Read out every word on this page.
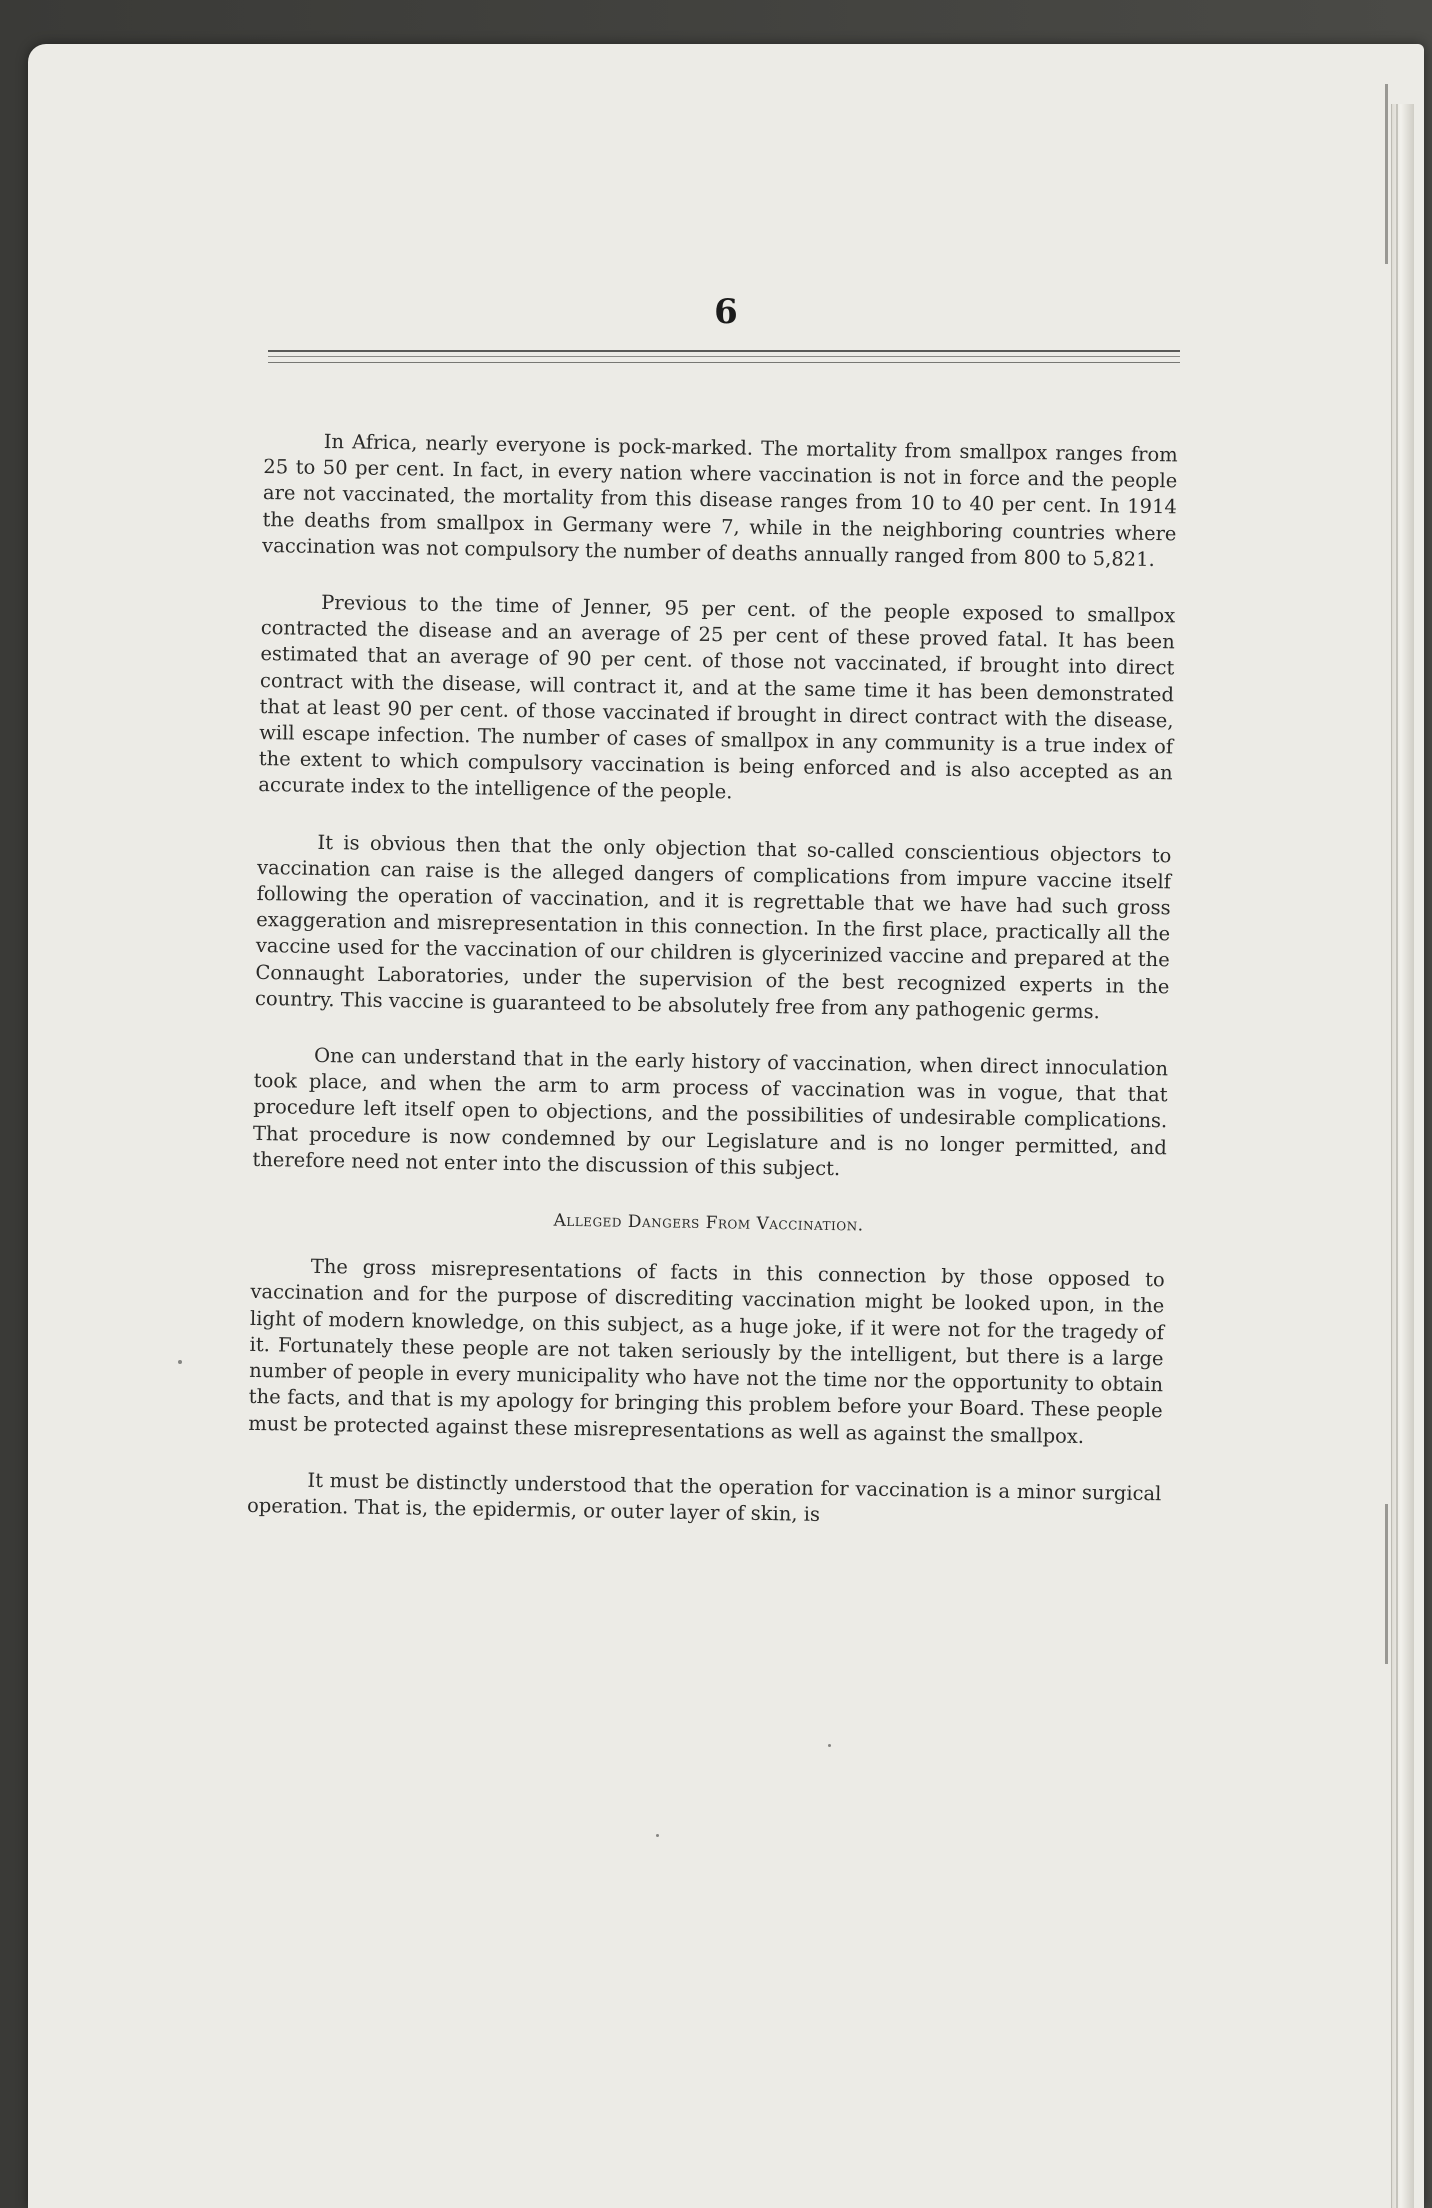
6

In Africa, nearly everyone is pock-marked. The mortality from smallpox ranges from 25 to 50 per cent. In fact, in every nation where vaccination is not in force and the people are not vaccinated, the mortality from this disease ranges from 10 to 40 per cent. In 1914 the deaths from smallpox in Germany were 7, while in the neighboring countries where vaccination was not compulsory the number of deaths annually ranged from 800 to 5,821.

Previous to the time of Jenner, 95 per cent. of the people exposed to smallpox contracted the disease and an average of 25 per cent of these proved fatal. It has been estimated that an average of 90 per cent. of those not vaccinated, if brought into direct contract with the disease, will contract it, and at the same time it has been demonstrated that at least 90 per cent. of those vaccinated if brought in direct contract with the disease, will escape infection. The number of cases of smallpox in any community is a true index of the extent to which compulsory vaccination is being enforced and is also accepted as an accurate index to the intelligence of the people.

It is obvious then that the only objection that so-called conscientious objectors to vaccination can raise is the alleged dangers of complications from impure vaccine itself following the operation of vaccination, and it is regrettable that we have had such gross exaggeration and misrepresentation in this connection. In the first place, practically all the vaccine used for the vaccination of our children is glycerinized vaccine and prepared at the Connaught Laboratories, under the supervision of the best recognized experts in the country. This vaccine is guaranteed to be absolutely free from any pathogenic germs.

One can understand that in the early history of vaccination, when direct innoculation took place, and when the arm to arm process of vaccination was in vogue, that that procedure left itself open to objections, and the possibilities of undesirable complications. That procedure is now condemned by our Legislature and is no longer permitted, and therefore need not enter into the discussion of this subject.

Alleged Dangers From Vaccination.

The gross misrepresentations of facts in this connection by those opposed to vaccination and for the purpose of discrediting vaccination might be looked upon, in the light of modern knowledge, on this subject, as a huge joke, if it were not for the tragedy of it. Fortunately these people are not taken seriously by the intelligent, but there is a large number of people in every municipality who have not the time nor the opportunity to obtain the facts, and that is my apology for bringing this problem before your Board. These people must be protected against these misrepresentations as well as against the smallpox.

It must be distinctly understood that the operation for vaccination is a minor surgical operation. That is, the epidermis, or outer layer of skin, is
